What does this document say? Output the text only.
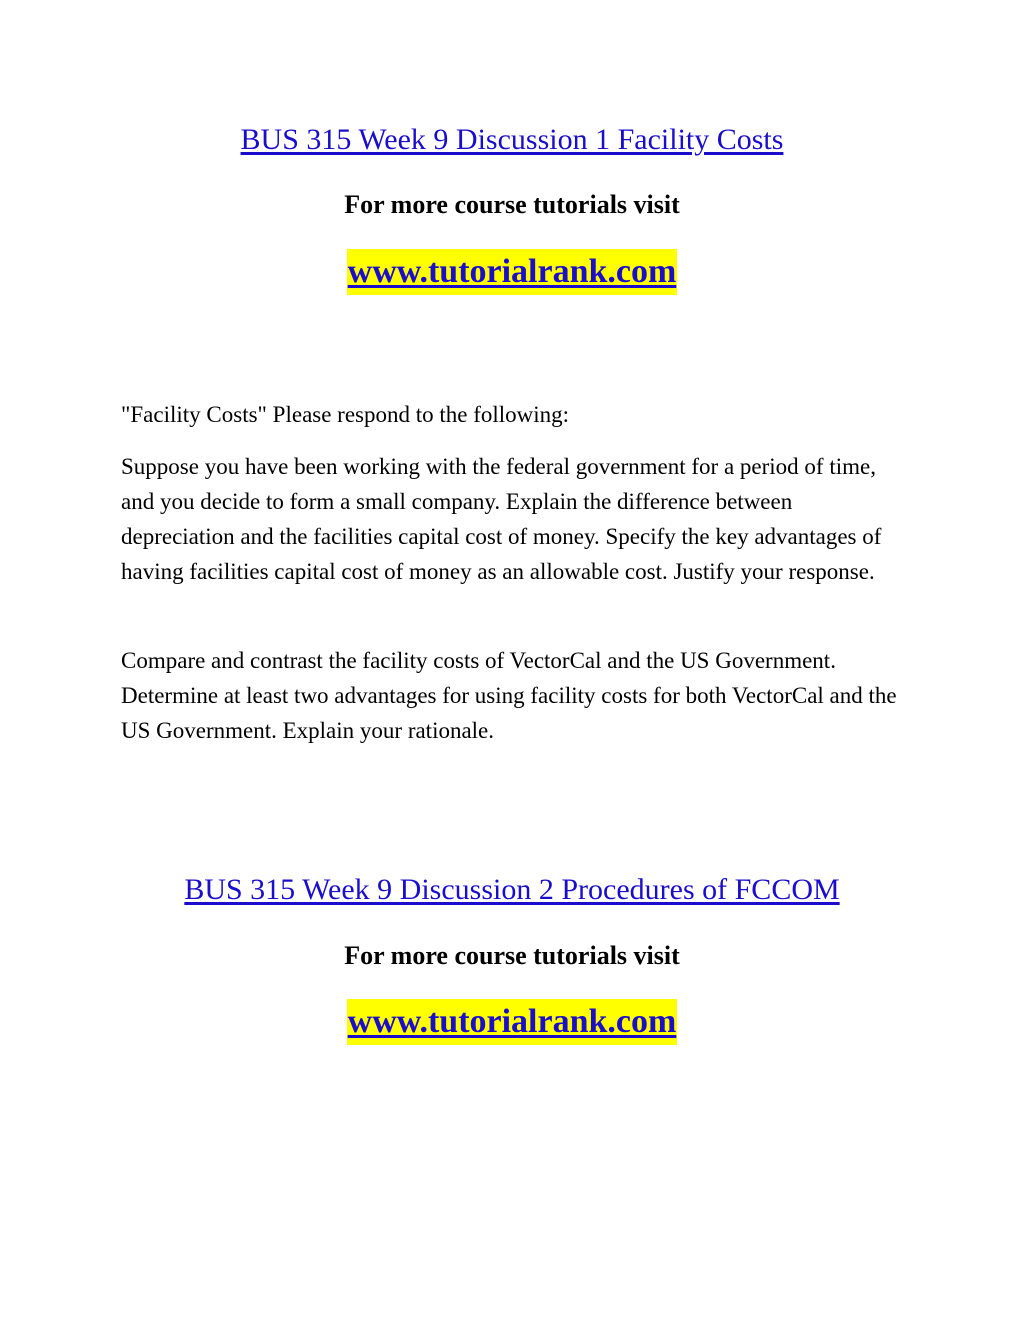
BUS 315 Week 9 Discussion 1 Facility Costs
For more course tutorials visit
www.tutorialrank.com

"Facility Costs" Please respond to the following:

Suppose you have been working with the federal government for a period of time, and you decide to form a small company. Explain the difference between depreciation and the facilities capital cost of money. Specify the key advantages of having facilities capital cost of money as an allowable cost. Justify your response.

Compare and contrast the facility costs of VectorCal and the US Government. Determine at least two advantages for using facility costs for both VectorCal and the US Government. Explain your rationale.

BUS 315 Week 9 Discussion 2 Procedures of FCCOM
For more course tutorials visit
www.tutorialrank.com
